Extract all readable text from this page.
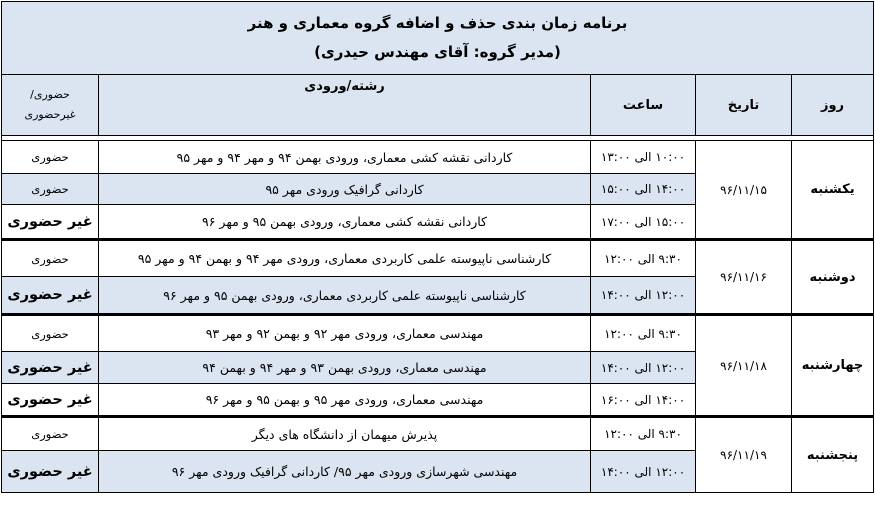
برنامه زمان بندی حذف و اضافه گروه معماری و هنر
(مدیر گروه: آقای مهندس حیدری)				

روز	تاریخ	ساعت	رشته/ورودی	حضوری/
غیرحضوری

یکشنبه	۹۶/۱۱/۱۵	۱۰:۰۰ الی ۱۳:۰۰	کاردانی نقشه کشی معماری، ورودی بهمن ۹۴ و مهر ۹۴ و مهر ۹۵	حضوری
		۱۴:۰۰ الی ۱۵:۰۰	کاردانی گرافیک ورودی مهر ۹۵	حضوری
		۱۵:۰۰ الی ۱۷:۰۰	کاردانی نقشه کشی معماری، ورودی بهمن ۹۵ و مهر ۹۶	غیر حضوری
دوشنبه	۹۶/۱۱/۱۶	۹:۳۰ الی ۱۲:۰۰	کارشناسی ناپیوسته علمی کاربردی معماری، ورودی مهر ۹۴ و بهمن ۹۴ و مهر ۹۵	حضوری
		۱۲:۰۰ الی ۱۴:۰۰	کارشناسی ناپیوسته علمی کاربردی معماری، ورودی بهمن ۹۵ و مهر ۹۶	غیر حضوری
چهارشنبه	۹۶/۱۱/۱۸	۹:۳۰ الی ۱۲:۰۰	مهندسی معماری، ورودی مهر ۹۲ و بهمن ۹۲ و مهر ۹۳	حضوری
		۱۲:۰۰ الی ۱۴:۰۰	مهندسی معماری، ورودی بهمن ۹۳ و مهر ۹۴ و بهمن ۹۴	غیر حضوری
		۱۴:۰۰ الی ۱۶:۰۰	مهندسی معماری، ورودی مهر ۹۵ و بهمن ۹۵ و مهر ۹۶	غیر حضوری
پنجشنبه	۹۶/۱۱/۱۹	۹:۳۰ الی ۱۲:۰۰	پذیرش میهمان از دانشگاه های دیگر	حضوری
		۱۲:۰۰ الی ۱۴:۰۰	مهندسی شهرسازی ورودی مهر ۹۵/ کاردانی گرافیک ورودی مهر ۹۶	غیر حضوری
